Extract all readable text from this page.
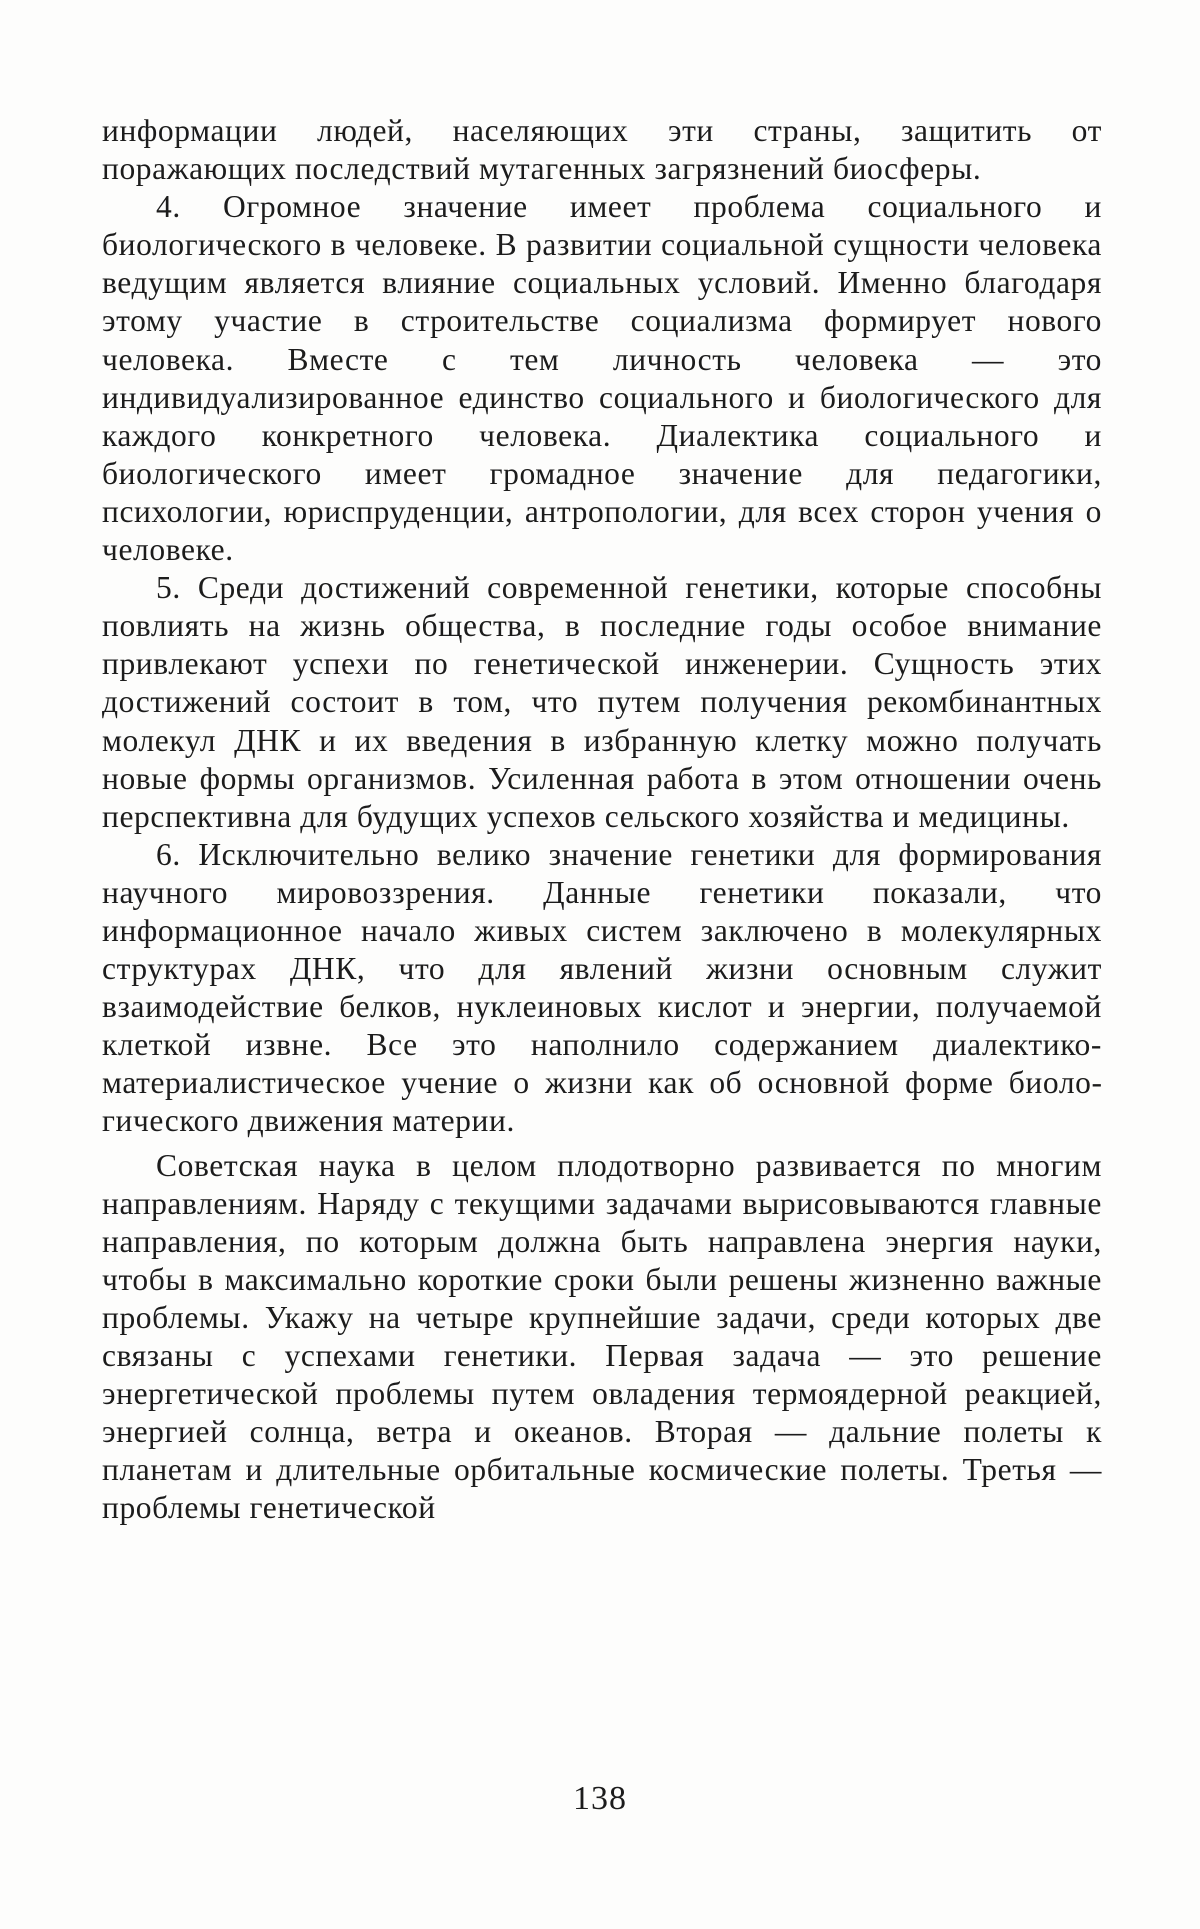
информации людей, населяющих эти страны, защитить от поражающих последствий мутагенных загрязнений биосферы.

4. Огромное значение имеет проблема социального и биологического в человеке. В развитии социальной сущности человека ведущим является влияние социальных условий. Именно благодаря этому участие в строительстве социализма формирует нового человека. Вместе с тем личность человека — это индивидуализированное единство социального и биологического для каждого конкретного человека. Диалектика социального и биологического имеет громадное значение для педагогики, психологии, юриспруденции, антропологии, для всех сторон учения о человеке.

5. Среди достижений современной генетики, которые способны повлиять на жизнь общества, в последние годы особое внимание привлекают успехи по генетической инженерии. Сущность этих достижений состоит в том, что путем получения рекомбинантных молекул ДНК и их введения в избранную клетку можно получать новые формы организмов. Усиленная работа в этом отношении очень перспективна для будущих успехов сельского хозяйства и медицины.

6. Исключительно велико значение генетики для формирования научного мировоззрения. Данные генетики показали, что информационное начало живых систем заключено в молекулярных структурах ДНК, что для явлений жизни основным служит взаимодействие белков, нуклеиновых кислот и энергии, получаемой клеткой извне. Все это наполнило содержанием диалектико-материалистическое учение о жизни как об основной форме биологического движения материи.

Советская наука в целом плодотворно развивается по многим направлениям. Наряду с текущими задачами вырисовываются главные направления, по которым должна быть направлена энергия науки, чтобы в максимально короткие сроки были решены жизненно важные проблемы. Укажу на четыре крупнейшие задачи, среди которых две связаны с успехами генетики. Первая задача — это решение энергетической проблемы путем овладения термоядерной реакцией, энергией солнца, ветра и океанов. Вторая — дальние полеты к планетам и длительные орбитальные космические полеты. Третья — проблемы генетической

138
